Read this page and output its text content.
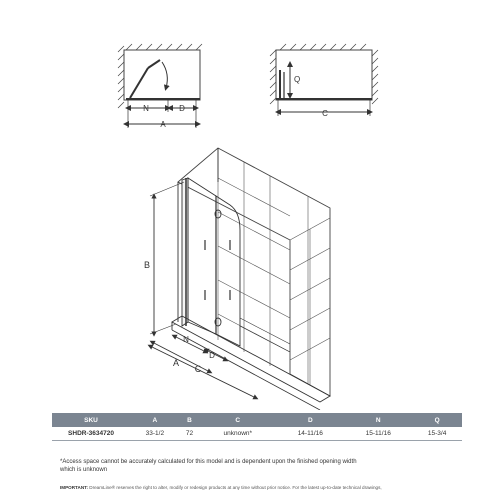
N	D
A
Q
C
B
N
D
A
C
SKU	A	B	C	D	N	Q
SHDR-3634720	33-1/2	72	unknown*	14-11/16	15-11/16	15-3/4
*Access space cannot be accurately calculated for this model and is dependent upon the finished opening width which is unknown
IMPORTANT: DreamLine® reserves the right to alter, modify or redesign products at any time without prior notice. For the latest up-to-date technical drawings,
